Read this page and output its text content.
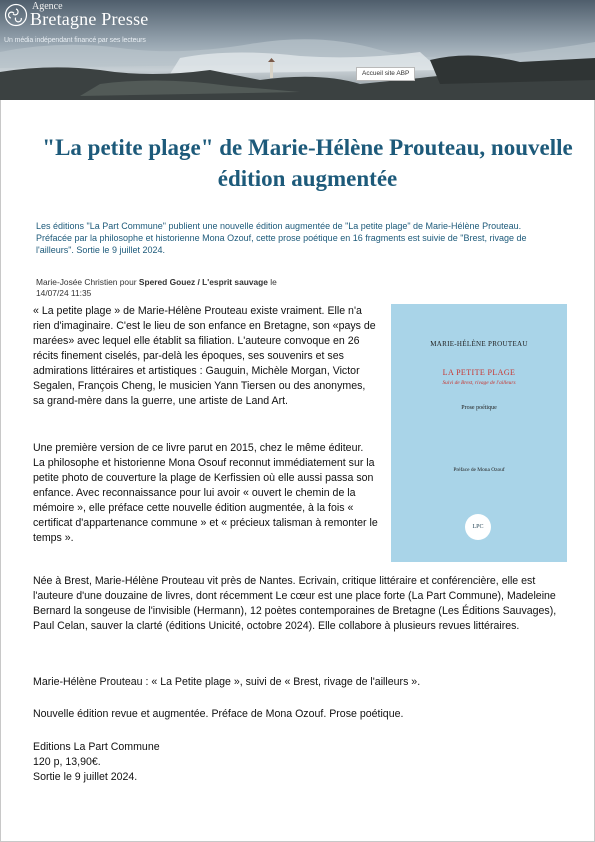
Agence
Bretagne Presse
Un média indépendant financé par ses lecteurs
Accueil site ABP
"La petite plage" de Marie-Hélène Prouteau, nouvelle édition augmentée
Les éditions "La Part Commune" publient une nouvelle édition augmentée de "La petite plage" de Marie-Hélène Prouteau. Préfacée par la philosophe et historienne Mona Ozouf, cette prose poétique en 16 fragments est suivie de "Brest, rivage de l'ailleurs". Sortie le 9 juillet 2024.
Marie-Josée Christien pour Spered Gouez / L'esprit sauvage le
14/07/24 11:35

« La petite plage » de Marie-Hélène Prouteau existe vraiment. Elle n'a rien d'imaginaire. C'est le lieu de son enfance en Bretagne, son «pays de marées» avec lequel elle établit sa filiation. L'auteure convoque en 26 récits finement ciselés, par-delà les époques, ses souvenirs et ses admirations littéraires et artistiques : Gauguin, Michèle Morgan, Victor Segalen, François Cheng, le musicien Yann Tiersen ou des anonymes, sa grand-mère dans la guerre, une artiste de Land Art.

Une première version de ce livre parut en 2015, chez le même éditeur. La philosophe et historienne Mona Osouf reconnut immédiatement sur la petite photo de couverture la plage de Kerfissien où elle aussi passa son enfance. Avec reconnaissance pour lui avoir « ouvert le chemin de la mémoire », elle préface cette nouvelle édition augmentée, à la fois « certificat d'appartenance commune » et « précieux talisman à remonter le temps ».

Née à Brest, Marie-Hélène Prouteau vit près de Nantes. Ecrivain, critique littéraire et conférencière, elle est l'auteure d'une douzaine de livres, dont récemment Le cœur est une place forte (La Part Commune), Madeleine Bernard la songeuse de l'invisible (Hermann), 12 poètes contemporaines de Bretagne (Les Éditions Sauvages), Paul Celan, sauver la clarté (éditions Unicité, octobre 2024). Elle collabore à plusieurs revues littéraires.

Marie-Hélène Prouteau : « La Petite plage », suivi de « Brest, rivage de l'ailleurs ».

Nouvelle édition revue et augmentée. Préface de Mona Ozouf. Prose poétique.

Editions La Part Commune
120 p, 13,90€.
Sortie le 9 juillet 2024.

MARIE-HÉLÈNE PROUTEAU
LA PETITE PLAGE
Suivi de Brest, rivage de l'ailleurs
Prose poétique
Préface de Mona Ozouf
LPC
